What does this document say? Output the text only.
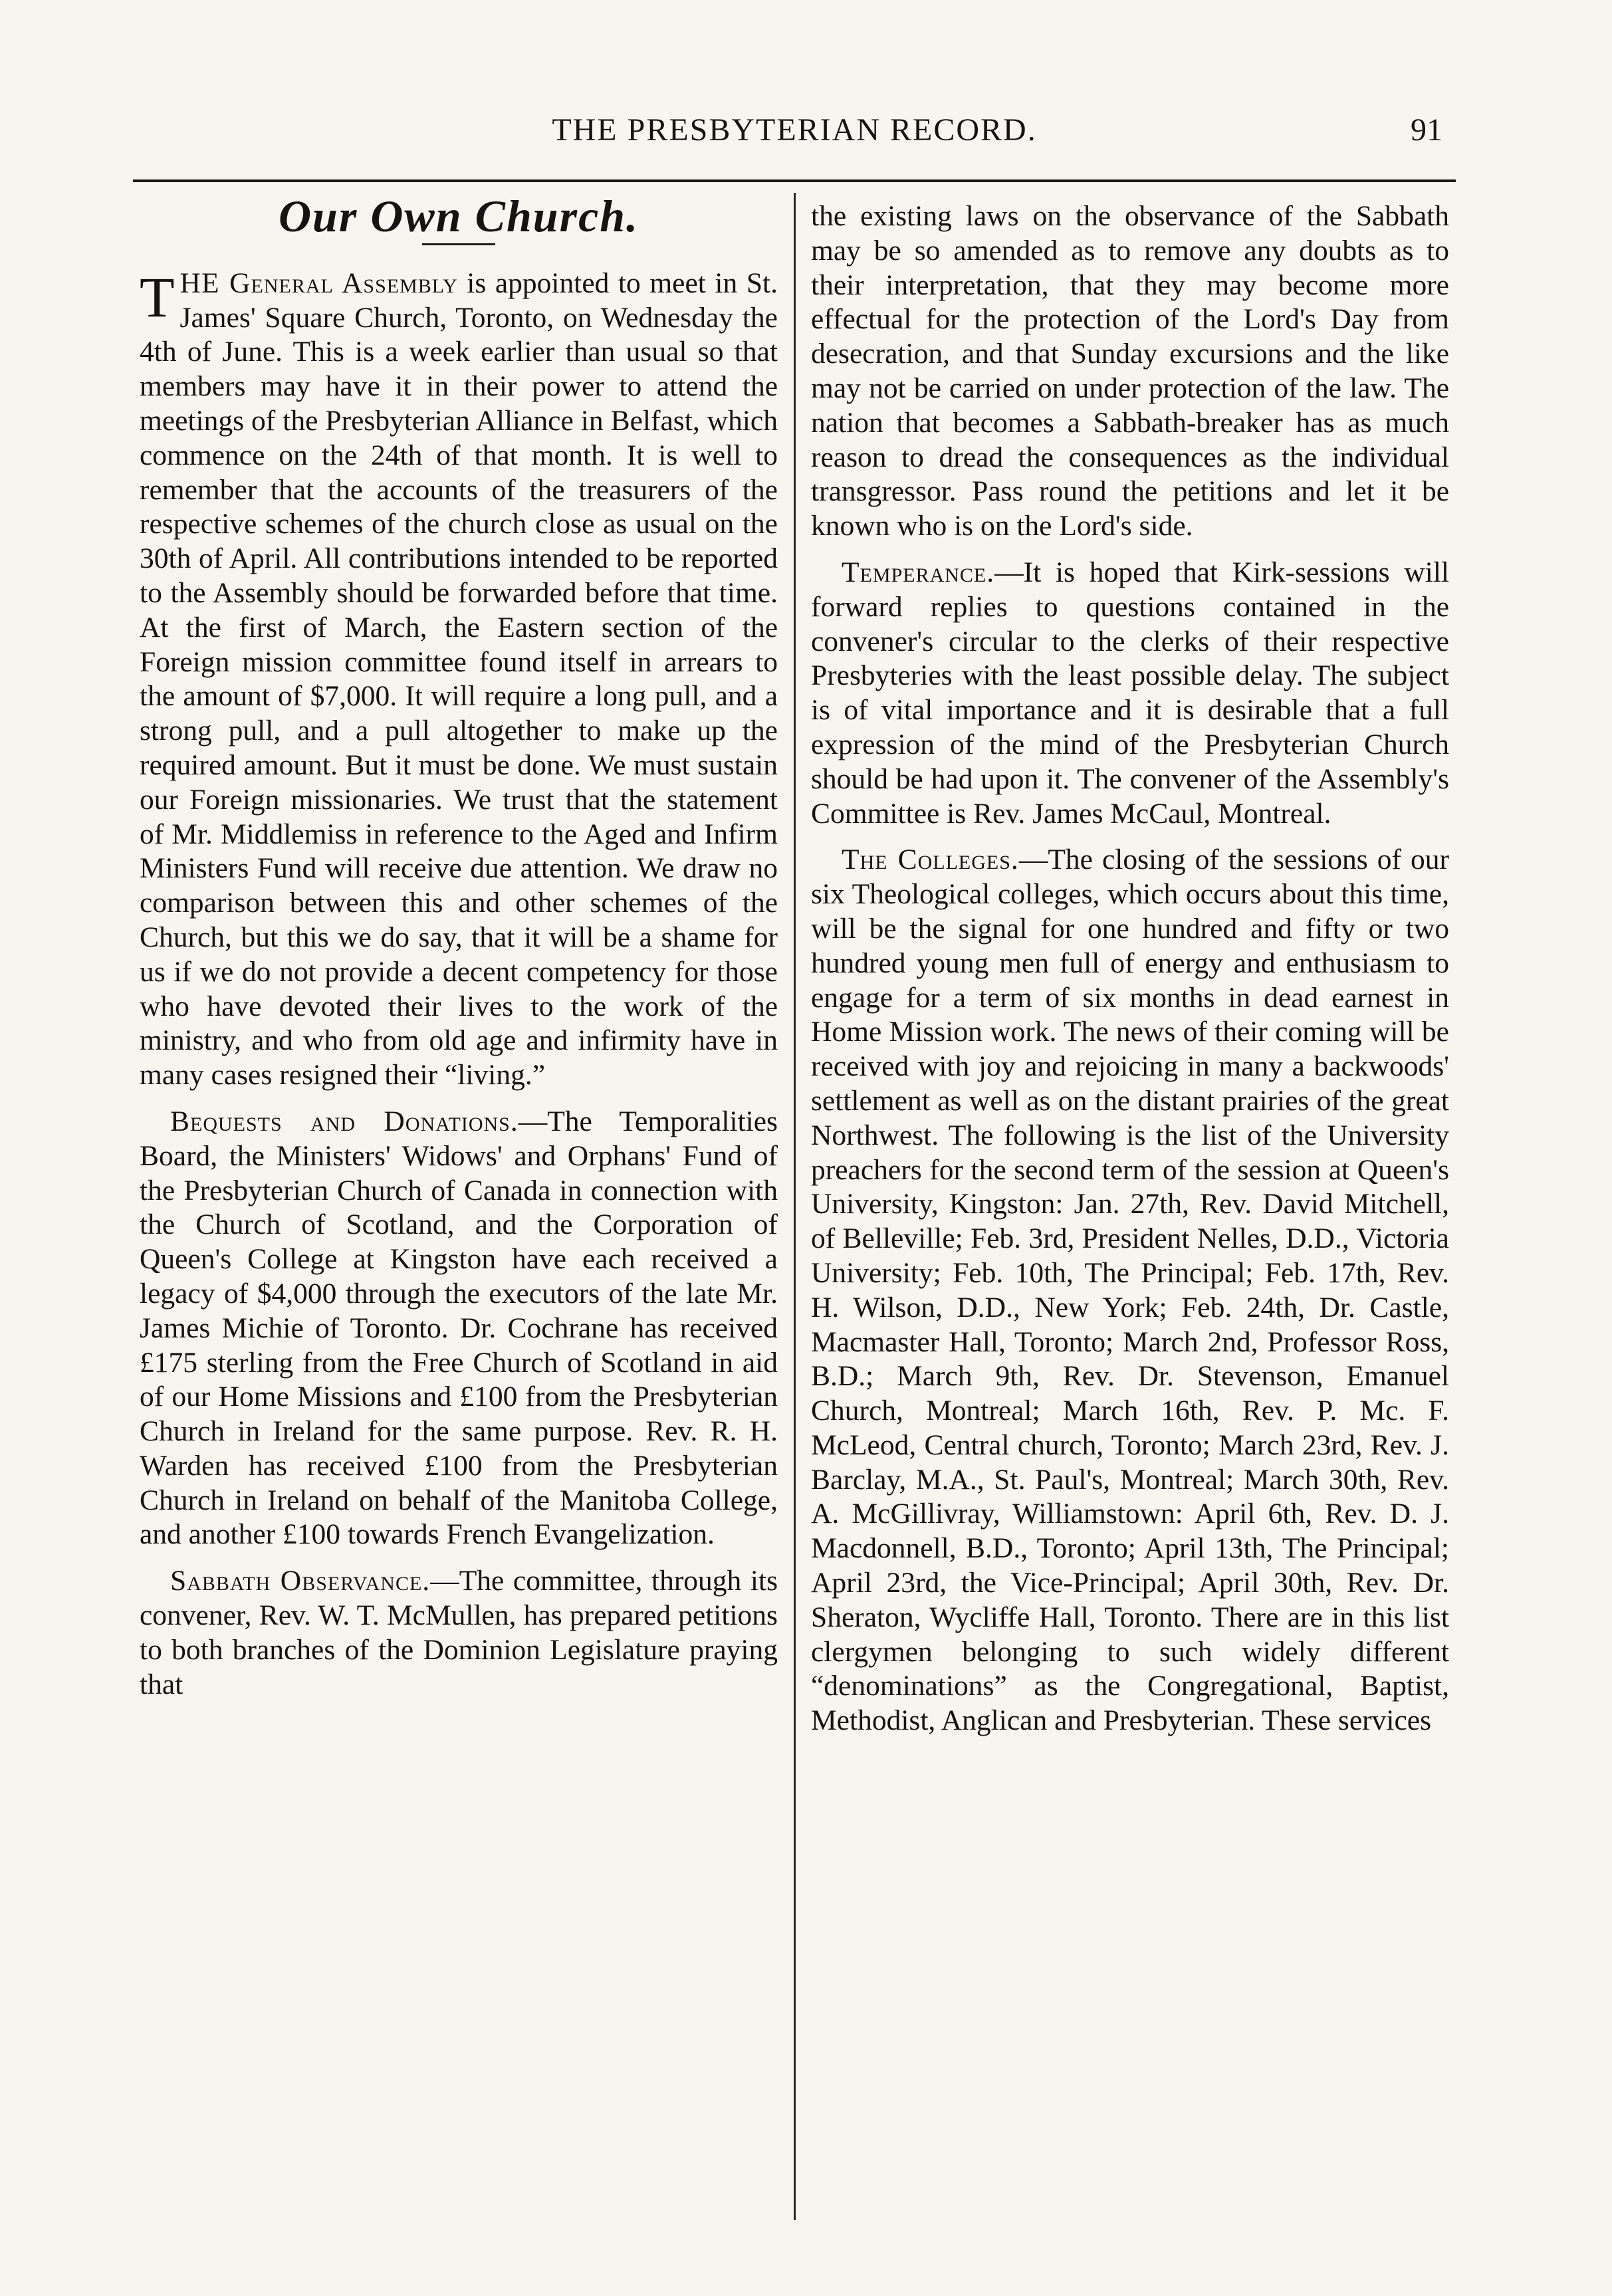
THE PRESBYTERIAN RECORD.	91
Our Own Church.

THE General Assembly is appointed to meet in St. James' Square Church, Toronto, on Wednesday the 4th of June. This is a week earlier than usual so that members may have it in their power to attend the meetings of the Presbyterian Alliance in Belfast, which commence on the 24th of that month. It is well to remember that the accounts of the treasurers of the respective schemes of the church close as usual on the 30th of April. All contributions intended to be reported to the Assembly should be forwarded before that time. At the first of March, the Eastern section of the Foreign mission committee found itself in arrears to the amount of $7,000. It will require a long pull, and a strong pull, and a pull altogether to make up the required amount. But it must be done. We must sustain our Foreign missionaries. We trust that the statement of Mr. Middlemiss in reference to the Aged and Infirm Ministers Fund will receive due attention. We draw no comparison between this and other schemes of the Church, but this we do say, that it will be a shame for us if we do not provide a decent competency for those who have devoted their lives to the work of the ministry, and who from old age and infirmity have in many cases resigned their “living.”

Bequests and Donations.—The Temporalities Board, the Ministers' Widows' and Orphans' Fund of the Presbyterian Church of Canada in connection with the Church of Scotland, and the Corporation of Queen's College at Kingston have each received a legacy of $4,000 through the executors of the late Mr. James Michie of Toronto. Dr. Cochrane has received £175 sterling from the Free Church of Scotland in aid of our Home Missions and £100 from the Presbyterian Church in Ireland for the same purpose. Rev. R. H. Warden has received £100 from the Presbyterian Church in Ireland on behalf of the Manitoba College, and another £100 towards French Evangelization.

Sabbath Observance.—The committee, through its convener, Rev. W. T. McMullen, has prepared petitions to both branches of the Dominion Legislature praying that

the existing laws on the observance of the Sabbath may be so amended as to remove any doubts as to their interpretation, that they may become more effectual for the protection of the Lord's Day from desecration, and that Sunday excursions and the like may not be carried on under protection of the law. The nation that becomes a Sabbath-breaker has as much reason to dread the consequences as the individual transgressor. Pass round the petitions and let it be known who is on the Lord's side.

Temperance.—It is hoped that Kirk-sessions will forward replies to questions contained in the convener's circular to the clerks of their respective Presbyteries with the least possible delay. The subject is of vital importance and it is desirable that a full expression of the mind of the Presbyterian Church should be had upon it. The convener of the Assembly's Committee is Rev. James McCaul, Montreal.

The Colleges.—The closing of the sessions of our six Theological colleges, which occurs about this time, will be the signal for one hundred and fifty or two hundred young men full of energy and enthusiasm to engage for a term of six months in dead earnest in Home Mission work. The news of their coming will be received with joy and rejoicing in many a backwoods' settlement as well as on the distant prairies of the great Northwest. The following is the list of the University preachers for the second term of the session at Queen's University, Kingston: Jan. 27th, Rev. David Mitchell, of Belleville; Feb. 3rd, President Nelles, D.D., Victoria University; Feb. 10th, The Principal; Feb. 17th, Rev. H. Wilson, D.D., New York; Feb. 24th, Dr. Castle, Macmaster Hall, Toronto; March 2nd, Professor Ross, B.D.; March 9th, Rev. Dr. Stevenson, Emanuel Church, Montreal; March 16th, Rev. P. Mc. F. McLeod, Central church, Toronto; March 23rd, Rev. J. Barclay, M.A., St. Paul's, Montreal; March 30th, Rev. A. McGillivray, Williamstown: April 6th, Rev. D. J. Macdonnell, B.D., Toronto; April 13th, The Principal; April 23rd, the Vice-Principal; April 30th, Rev. Dr. Sheraton, Wycliffe Hall, Toronto. There are in this list clergymen belonging to such widely different “denominations” as the Congregational, Baptist, Methodist, Anglican and Presbyterian. These services
